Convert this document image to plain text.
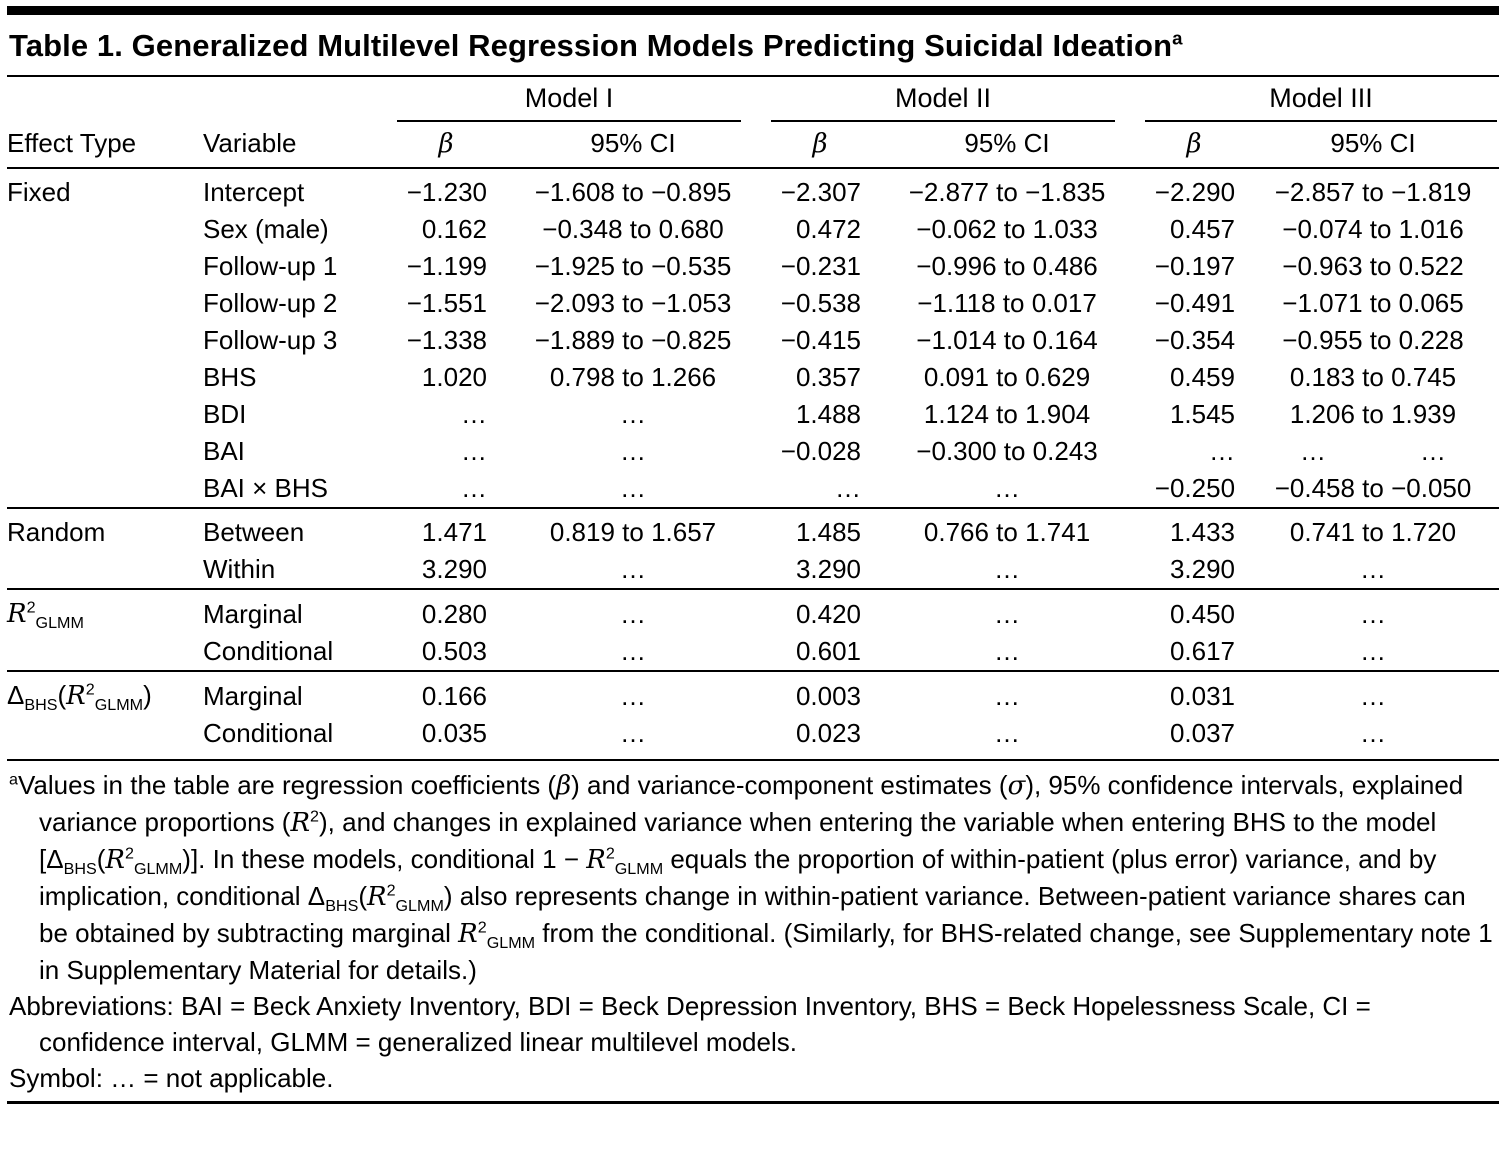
Table 1. Generalized Multilevel Regression Models Predicting Suicidal Ideation$^a$

		Model I		Model II		Model III	

Effect Type	Variable	β	95% CI	β	95% CI	β	95% CI
Fixed	Intercept	−1.230	−1.608 to −0.895	−2.307	−2.877 to −1.835	−2.290	−2.857 to −1.819
	Sex (male)	0.162	−0.348 to 0.680	0.472	−0.062 to 1.033	0.457	−0.074 to 1.016
	Follow-up 1	−1.199	−1.925 to −0.535	−0.231	−0.996 to 0.486	−0.197	−0.963 to 0.522
	Follow-up 2	−1.551	−2.093 to −1.053	−0.538	−1.118 to 0.017	−0.491	−1.071 to 0.065
	Follow-up 3	−1.338	−1.889 to −0.825	−0.415	−1.014 to 0.164	−0.354	−0.955 to 0.228
	BHS	1.020	0.798 to 1.266	0.357	0.091 to 0.629	0.459	0.183 to 0.745
	BDI	…	…	1.488	1.124 to 1.904	1.545	1.206 to 1.939
	BAI	…	…	−0.028	−0.300 to 0.243	…	…             …
	BAI × BHS	…	…	…	…	−0.250	−0.458 to −0.050
Random	Between	1.471	0.819 to 1.657	1.485	0.766 to 1.741	1.433	0.741 to 1.720
	Within	3.290	…	3.290	…	3.290	…
$R^2_{GLMM}$	Marginal	0.280	…	0.420	…	0.450	…
	Conditional	0.503	…	0.601	…	0.617	…
$\Delta_{BHS}(R^2_{GLMM})$	Marginal	0.166	…	0.003	…	0.031	…
	Conditional	0.035	…	0.023	…	0.037	…

$^a$Values in the table are regression coefficients (β) and variance-component estimates (σ), 95% confidence intervals, explained variance proportions $(R^2)$, and changes in explained variance when entering the variable when entering BHS to the model $[\Delta_{BHS}(R^2_{GLMM})]$. In these models, conditional $1 - R^2_{GLMM}$ equals the proportion of within-patient (plus error) variance, and by implication, conditional $\Delta_{BHS}(R^2_{GLMM})$ also represents change in within-patient variance. Between-patient variance shares can be obtained by subtracting marginal $R^2_{GLMM}$ from the conditional. (Similarly, for BHS-related change, see Supplementary note 1 in Supplementary Material for details.)

Abbreviations: BAI = Beck Anxiety Inventory, BDI = Beck Depression Inventory, BHS = Beck Hopelessness Scale, CI = confidence interval, GLMM = generalized linear multilevel models.

Symbol: … = not applicable.
